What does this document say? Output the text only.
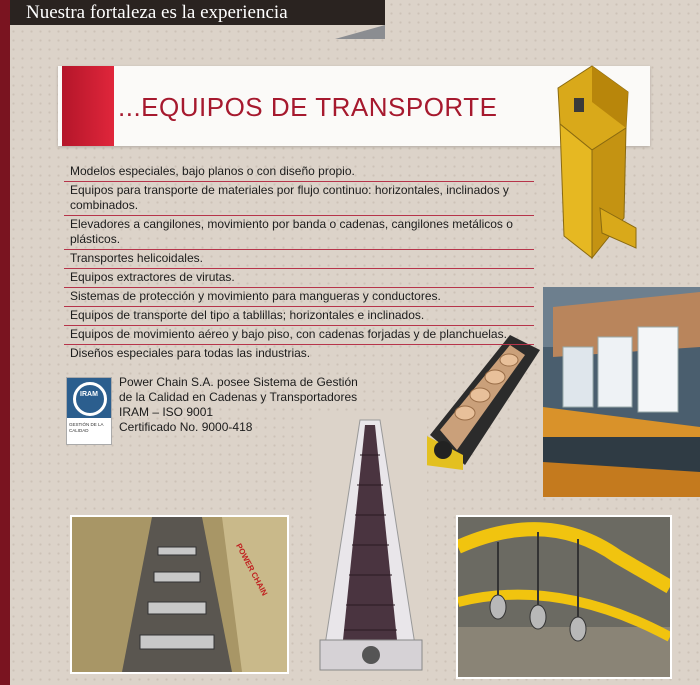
Nuestra fortaleza es la experiencia
...EQUIPOS DE TRANSPORTE
POWER CHAIN
Modelos especiales, bajo planos o con diseño propio.
Equipos para transporte de materiales por flujo continuo: horizontales, inclinados y combinados.
Elevadores a cangilones, movimiento por banda o cadenas, cangilones metálicos o plásticos.
Transportes helicoidales.
Equipos extractores de virutas.
Sistemas de protección y movimiento para mangueras y conductores.
Equipos de transporte del tipo a tablillas; horizontales e inclinados.
Equipos de movimiento aéreo y bajo piso, con cadenas forjadas y de planchuelas.
Diseños especiales para todas las industrias.
IRAM
GESTIÓN DE LA CALIDAD
Power Chain S.A. posee Sistema de Gestión
de la Calidad en Cadenas y Transportadores
IRAM – ISO 9001
Certificado No. 9000-418
